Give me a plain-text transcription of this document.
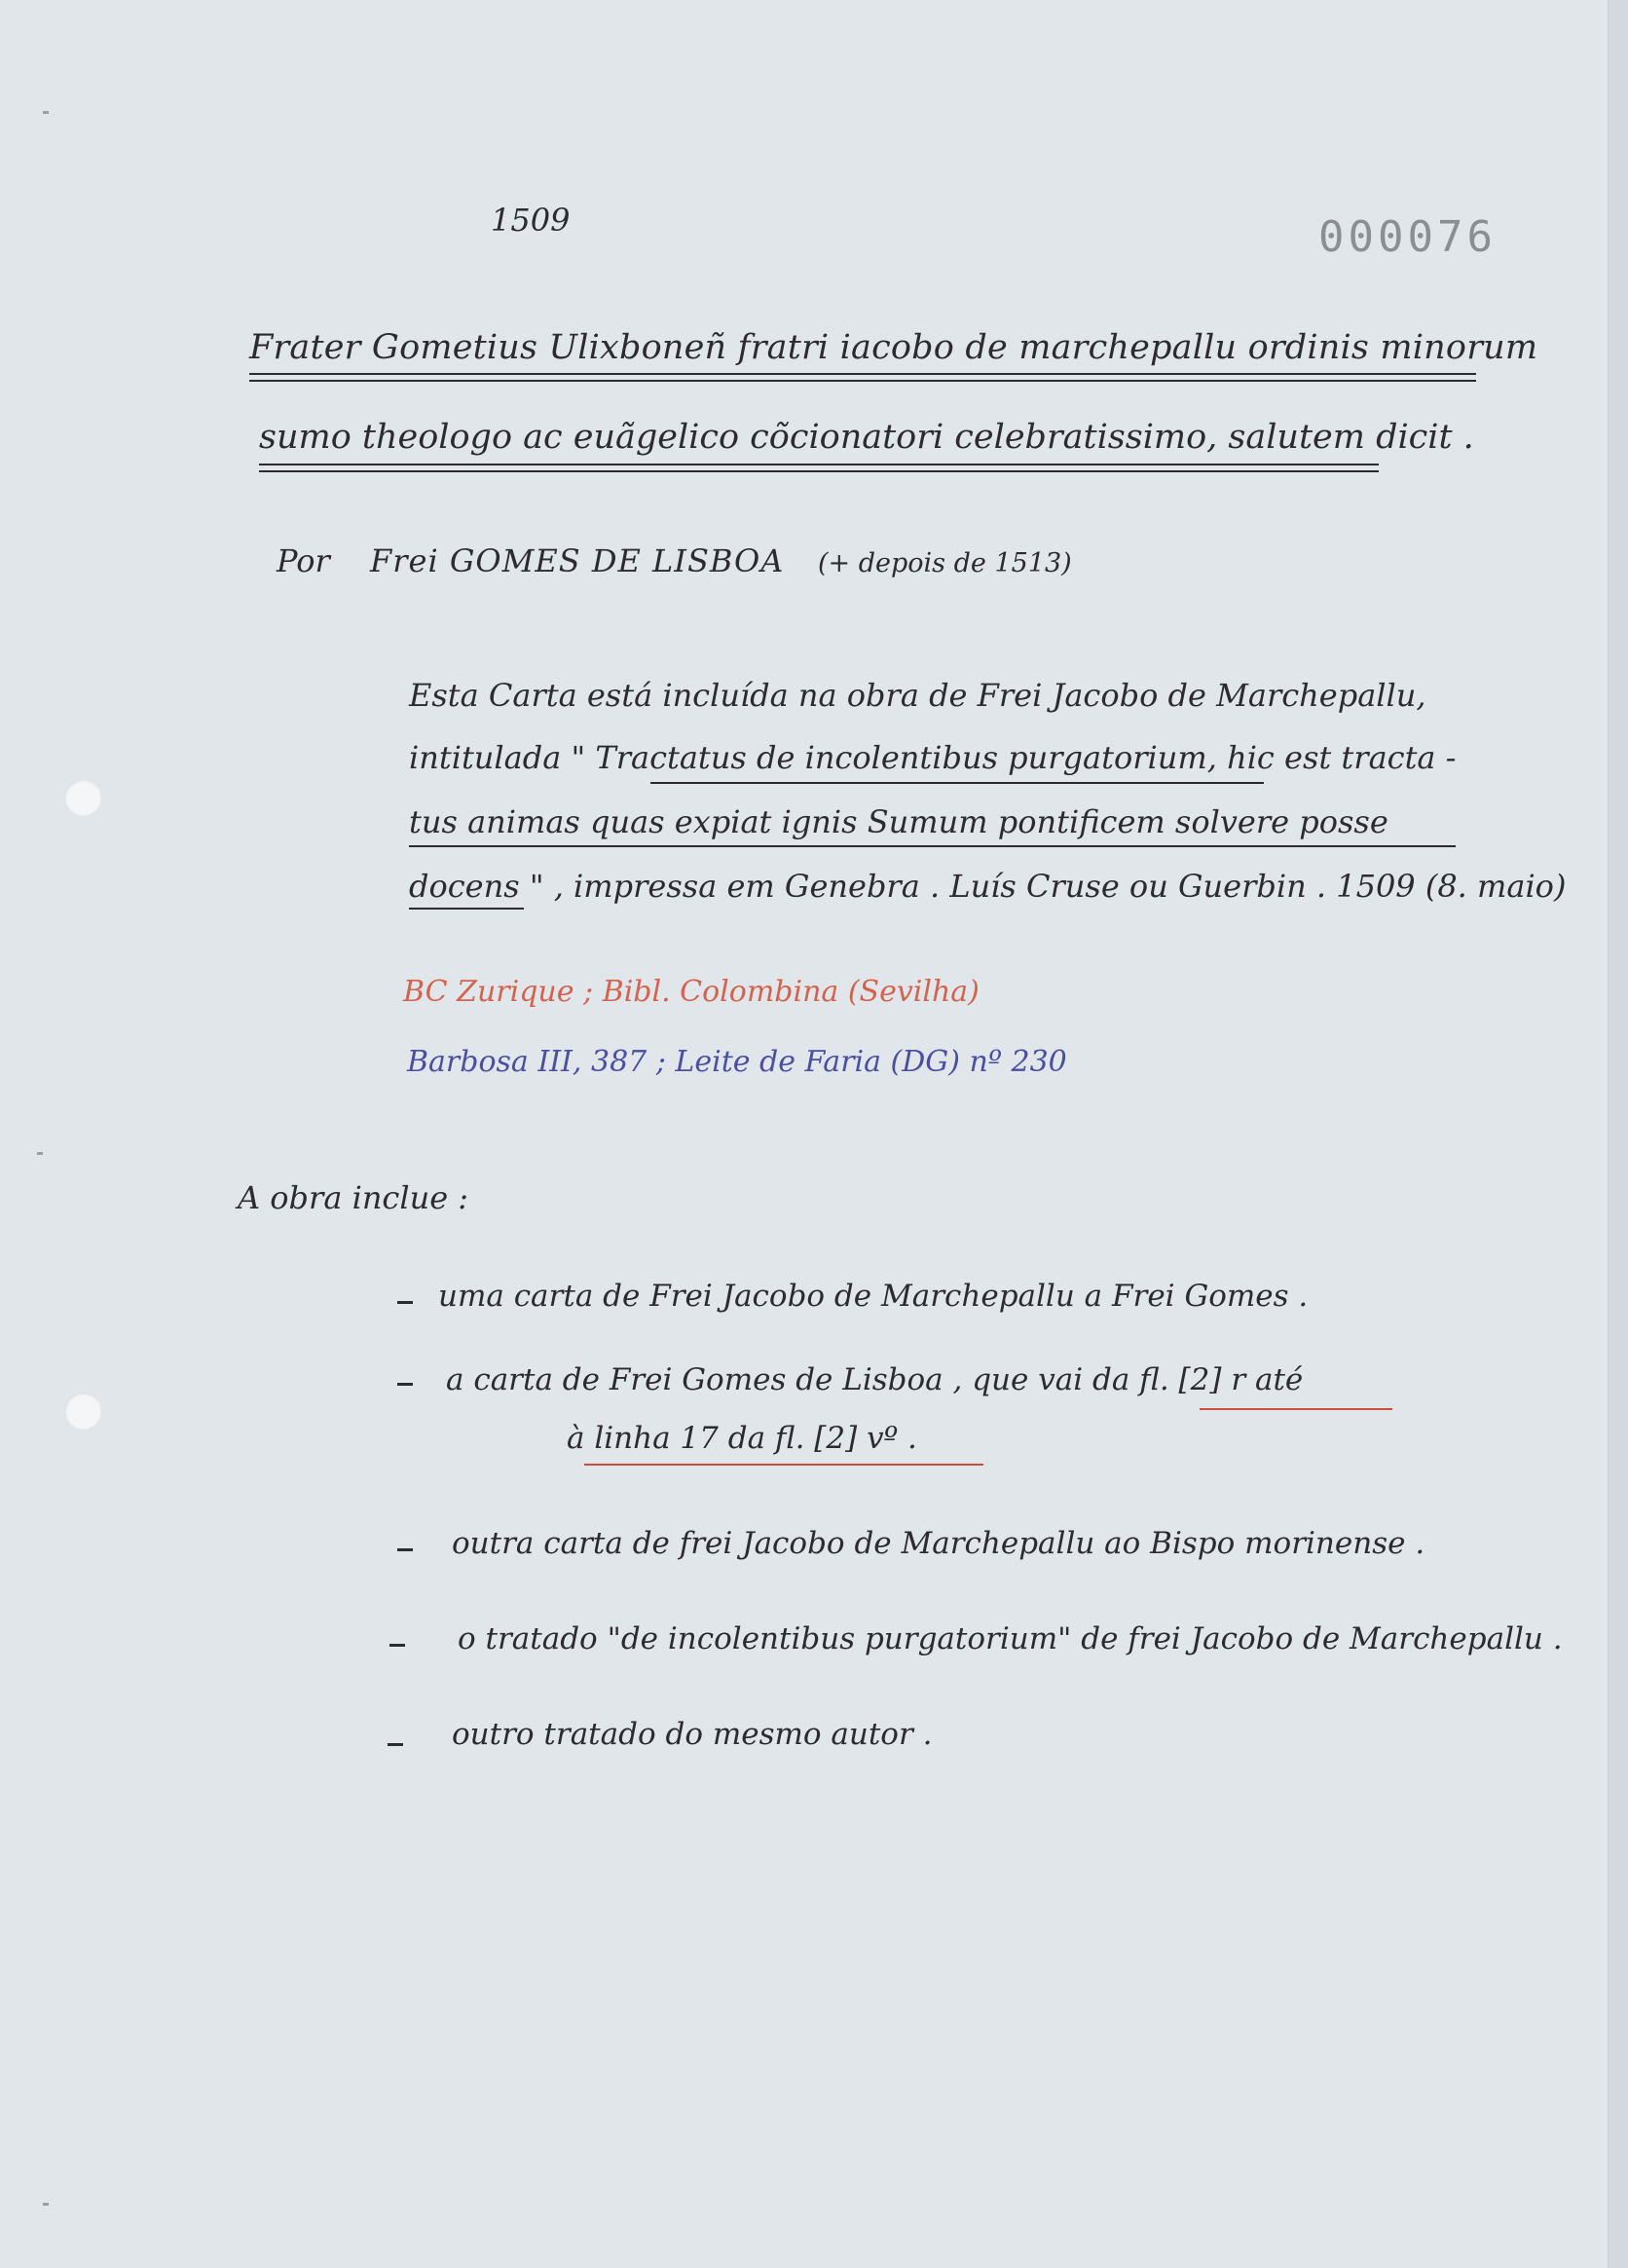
1509	000076
Frater Gometius Ulixboneñ fratri iacobo de marchepallu ordinis minorum
sumo theologo ac euãgelico cõcionatori celebratissimo, salutem dicit .
Por Frei GOMES DE LISBOA (+ depois de 1513)
Esta Carta está incluída na obra de Frei Jacobo de Marchepallu,
intitulada " Tractatus de incolentibus purgatorium, hic est tracta -
tus animas quas expiat ignis Sumum pontificem solvere posse
docens " , impressa em Genebra . Luís Cruse ou Guerbin . 1509 (8. maio)
BC Zurique ; Bibl. Colombina (Sevilha)
Barbosa III, 387 ; Leite de Faria (DG) nº 230
A obra inclue :
uma carta de Frei Jacobo de Marchepallu a Frei Gomes .
a carta de Frei Gomes de Lisboa , que vai da fl. [2] r até
à linha 17 da fl. [2] vº .
outra carta de frei Jacobo de Marchepallu ao Bispo morinense .
o tratado "de incolentibus purgatorium" de frei Jacobo de Marchepallu .
outro tratado do mesmo autor .
